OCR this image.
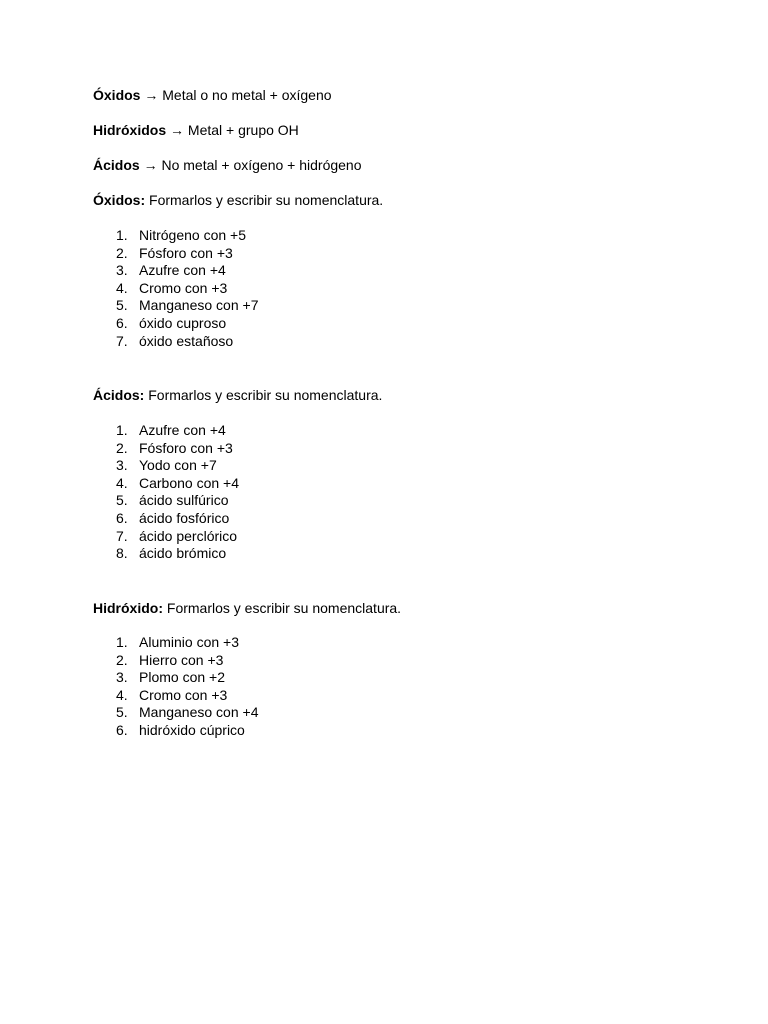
Óxidos → Metal o no metal + oxígeno

Hidróxidos → Metal + grupo OH

Ácidos → No metal + oxígeno + hidrógeno

Óxidos: Formarlos y escribir su nomenclatura.

1. Nitrógeno con +5
2. Fósforo con +3
3. Azufre con +4
4. Cromo con +3
5. Manganeso con +7
6. óxido cuproso
7. óxido estañoso

Ácidos: Formarlos y escribir su nomenclatura.

1. Azufre con +4
2. Fósforo con +3
3. Yodo con +7
4. Carbono con +4
5. ácido sulfúrico
6. ácido fosfórico
7. ácido perclórico
8. ácido brómico

Hidróxido: Formarlos y escribir su nomenclatura.

1. Aluminio con +3
2. Hierro con +3
3. Plomo con +2
4. Cromo con +3
5. Manganeso con +4
6. hidróxido cúprico
